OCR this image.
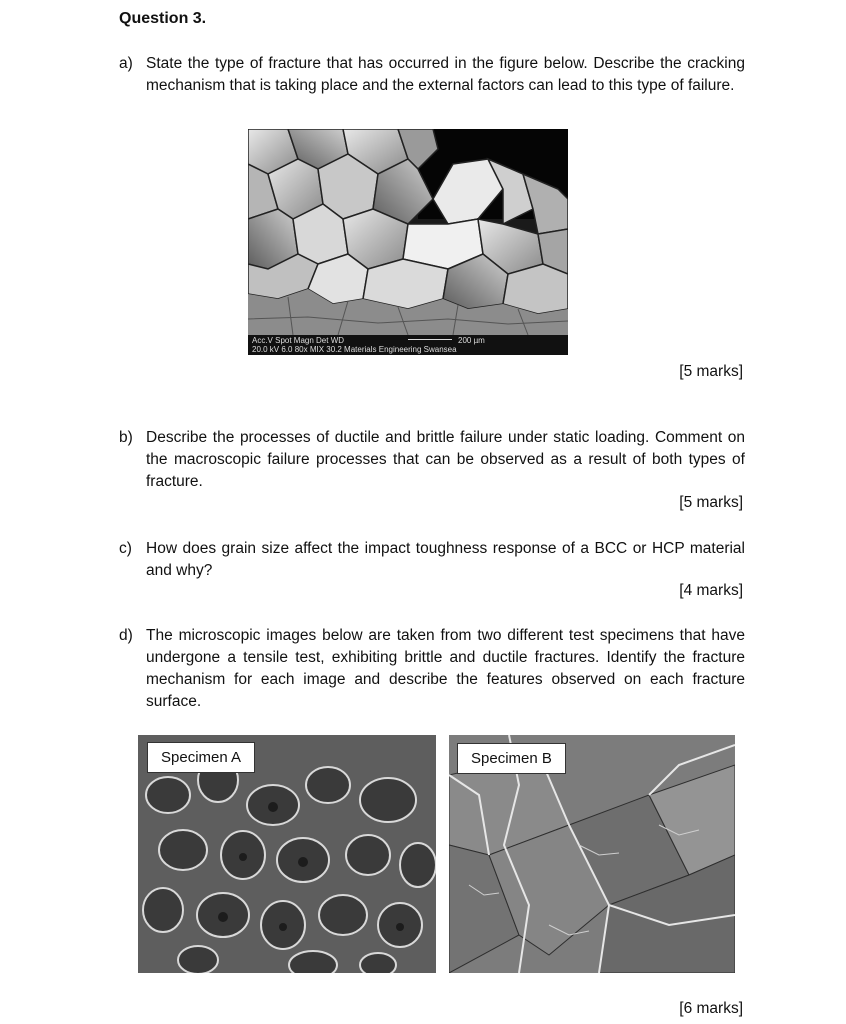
Question 3.
a) State the type of fracture that has occurred in the figure below. Describe the cracking mechanism that is taking place and the external factors can lead to this type of failure.
Acc.V Spot Magn Det WD
20.0 kV 6.0 80x MIX 30.2 Materials Engineering Swansea
200 µm
[5 marks]
b) Describe the processes of ductile and brittle failure under static loading. Comment on the macroscopic failure processes that can be observed as a result of both types of fracture.
[5 marks]
c) How does grain size affect the impact toughness response of a BCC or HCP material and why?
[4 marks]
d) The microscopic images below are taken from two different test specimens that have undergone a tensile test, exhibiting brittle and ductile fractures. Identify the fracture mechanism for each image and describe the features observed on each fracture surface.
Specimen A	Specimen B
[6 marks]
